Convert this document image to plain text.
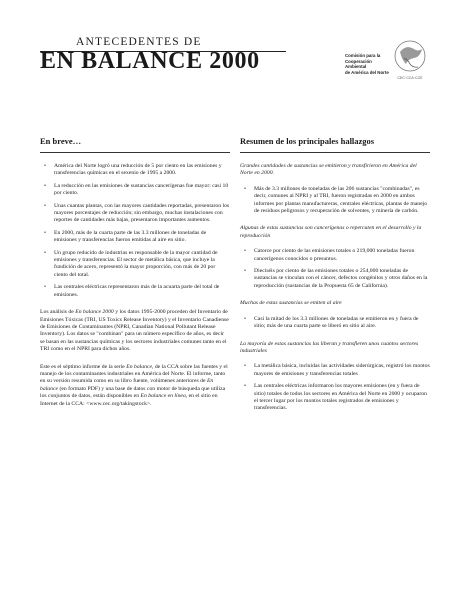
ANTECEDENTES DE
EN BALANCE 2000	Comisión para la
Cooperación Ambiental
de América del Norte
CEC·CCA·CCE
En breve…
• América del Norte logró una reducción de 5 por ciento en las emisiones y transferencias químicas en el sexenio de 1995 a 2000.
• La reducción en las emisiones de sustancias cancerígenas fue mayor: casi 10 por ciento.
• Unas cuantas plantas, con las mayores cantidades reportadas, presentaron los mayores porcentajes de reducción; sin embargo, muchas instalaciones con reportes de cantidades más bajas, presentaron importantes aumentos.
• En 2000, más de la cuarta parte de las 3.3 millones de toneladas de emisiones y transferencias fueron emitidas al aire en sitio.
• Un grupo reducido de industrias es responsable de la mayor cantidad de emisiones y transferencias. El sector de metálica básica, que incluye la fundición de acero, representó la mayor proporción, con más de 20 por ciento del total.
• Las centrales eléctricas representaron más de la acuarta parte del total de emisiones.

Los análisis de En balance 2000 y los datos 1995-2000 proceden del Inventario de Emisiones Tóxicas (TRI, US Toxics Release Inventory) y el Inventario Canadiense de Emisiones de Contaminantes (NPRI, Canadian National Pollutant Release Inventory). Los datos se "combinan" para un número específico de años, es decir se basan en las sustancias químicas y los sectores industriales comunes tanto en el TRI como en el NPRI para dichos años.

Este es el séptimo informe de la serie En balance, de la CCA sobre las fuentes y el manejo de los contaminantes industriales en América del Norte. El informe, tanto en su versión resumida como en su libro fuente, volúmenes anteriores de En balance (en formato PDF) y una base de datos con motor de búsqueda que utiliza los conjuntos de datos, están disponibles en En balance en línea, en el sitio en Internet de la CCA: <www.cec.org/takingstock>.

Resumen de los principales hallazgos
Grandes cantidades de sustancias se emitieron y transfirieron en América del Norte en 2000.
• Más de 3.3 millones de toneladas de las 206 sustancias "combinadas", es decir, comunes al NPRI y al TRI, fueron registradas en 2000 en ambos informes por plantas manufactureras, centrales eléctricas, plantas de manejo de residuos peligrosos y recuperación de solventes, y minería de carbón.
Algunas de estas sustancias son cancerígenas o repercuten en el desarrollo y la reproducción
• Catorce por ciento de las emisiones totales o 219,000 toneladas fueron cancerígenos conocidos o presuntos.
• Dieciséis por ciento de las emisiones totales o 254,000 toneladas de sustancias se vinculan con el cáncer, defectos congénitos y otros daños en la reproducción (sustancias de la Propuesta 65 de California).
Muchas de estas sustancias se emiten al aire
• Casi la mitad de los 3.3 millones de toneladas se emitieron en y fuera de sitio; más de una cuarta parte se liberó en sitio al aire.
La mayoría de estas sustancias las liberan y transfieren unos cuantos sectores industriales
• La metálica básica, incluidas las actividades siderúrgicas, registró los montos mayores de emisiones y transferencias totales
• Las centrales eléctricas informaron los mayores emisiones (en y fuera de sitio) totales de todos los sectores en América del Norte en 2000 y ocuparon el tercer lugar por los montos totales registrados de emisiones y transferencias.
